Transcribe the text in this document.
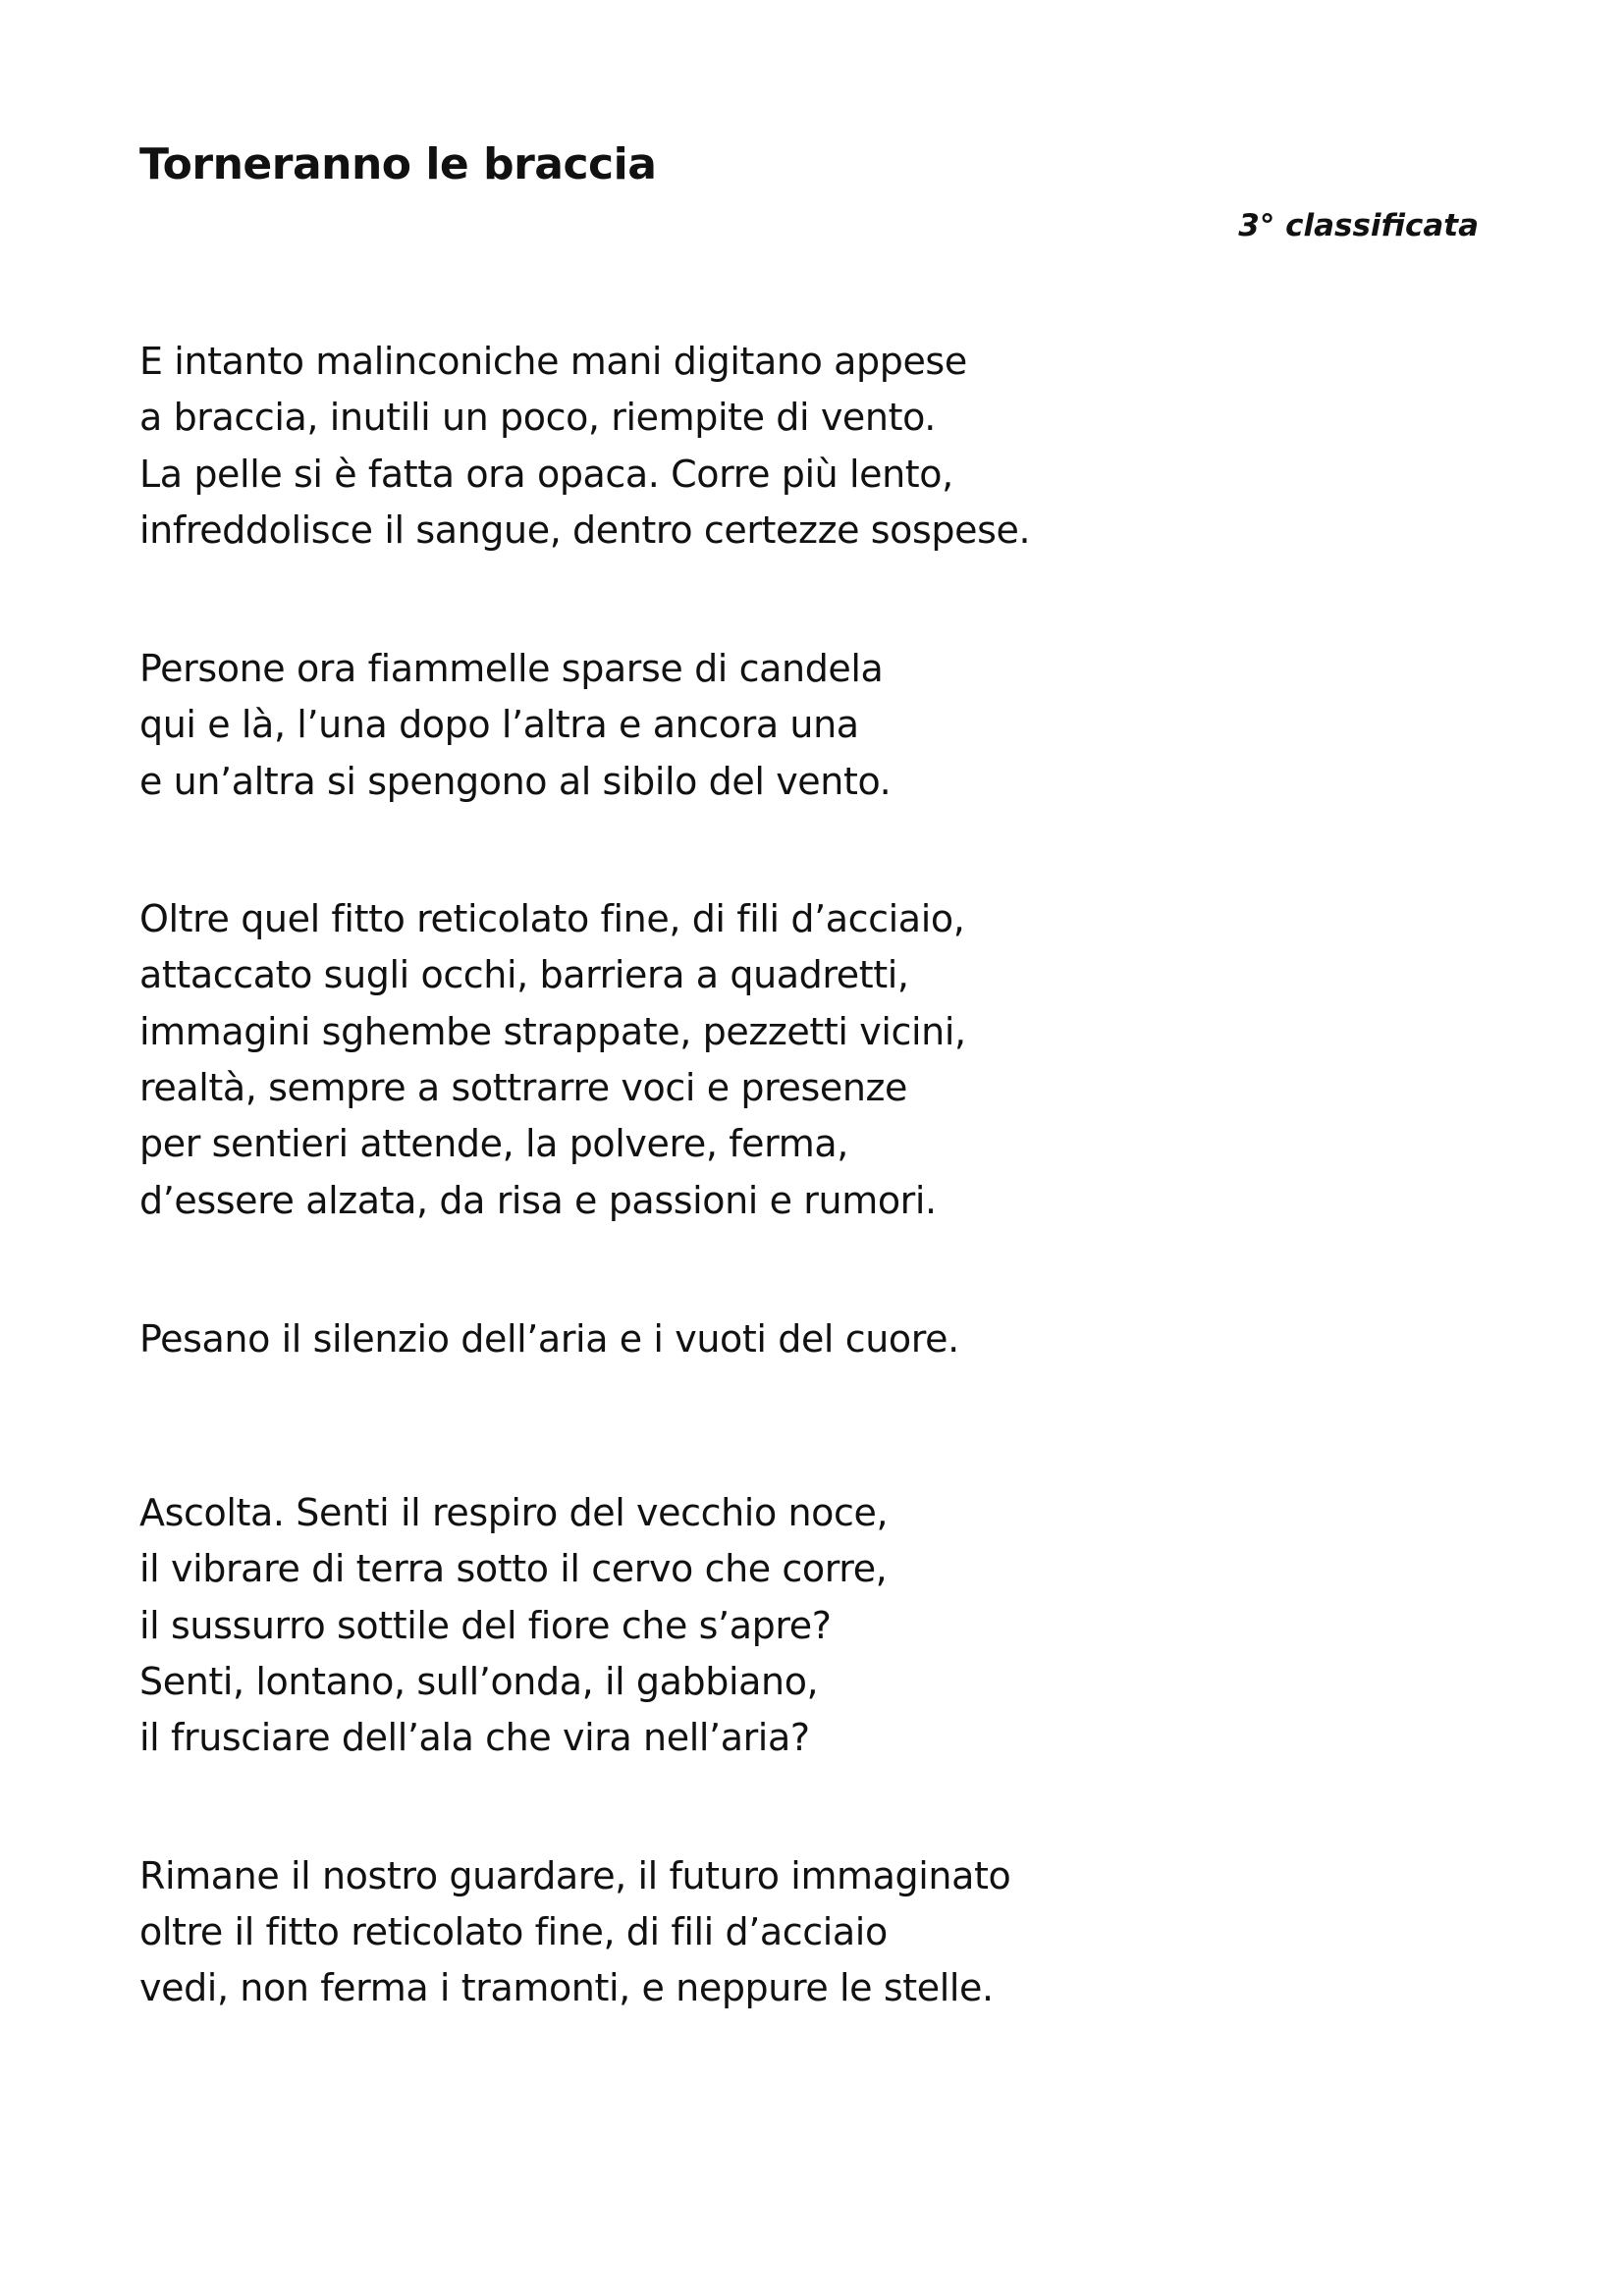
Torneranno le braccia

3° classificata

E intanto malinconiche mani digitano appese
a braccia, inutili un poco, riempite di vento.
La pelle si è fatta ora opaca. Corre più lento,
infreddolisce il sangue, dentro certezze sospese.

Persone ora fiammelle sparse di candela
qui e là, l’una dopo l’altra e ancora una
e un’altra si spengono al sibilo del vento.

Oltre quel fitto reticolato fine, di fili d’acciaio,
attaccato sugli occhi, barriera a quadretti,
immagini sghembe strappate, pezzetti vicini,
realtà, sempre a sottrarre voci e presenze
per sentieri attende, la polvere, ferma,
d’essere alzata, da risa e passioni e rumori.

Pesano il silenzio dell’aria e i vuoti del cuore.

Ascolta. Senti il respiro del vecchio noce,
il vibrare di terra sotto il cervo che corre,
il sussurro sottile del fiore che s’apre?
Senti, lontano, sull’onda, il gabbiano,
il frusciare dell’ala che vira nell’aria?

Rimane il nostro guardare, il futuro immaginato
oltre il fitto reticolato fine, di fili d’acciaio
vedi, non ferma i tramonti, e neppure le stelle.
